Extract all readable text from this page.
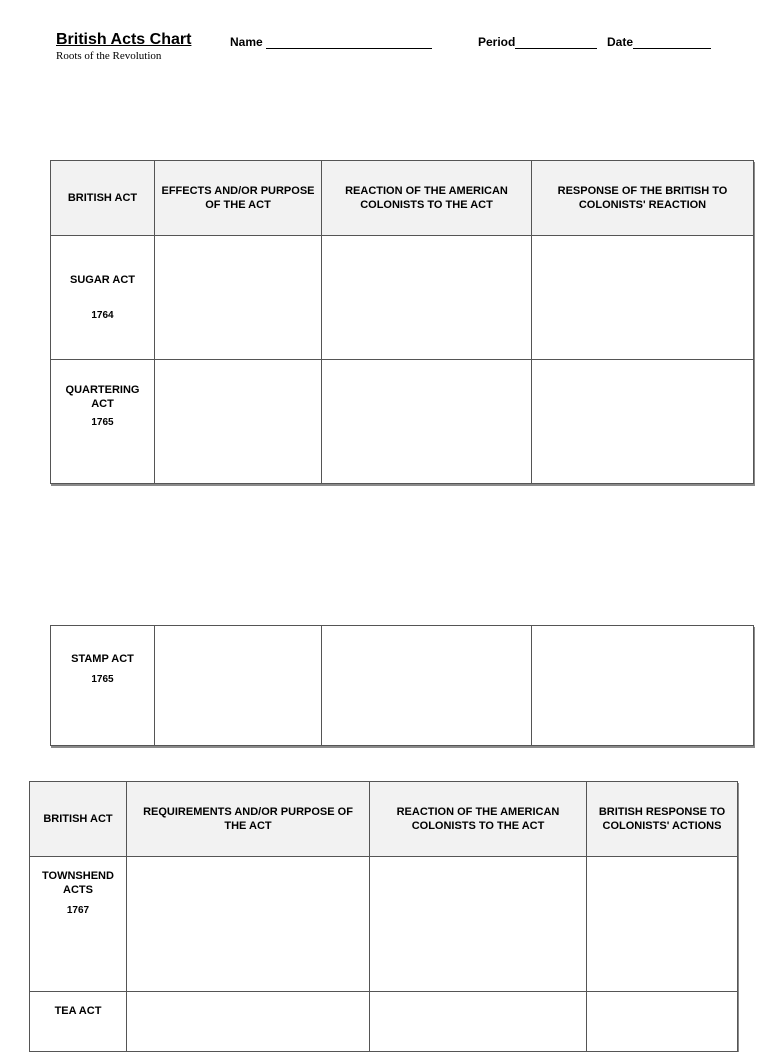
British Acts Chart
Roots of the Revolution
Name	Period	Date
BRITISH ACT	EFFECTS AND/OR PURPOSE OF THE ACT	REACTION OF THE AMERICAN COLONISTS TO THE ACT	RESPONSE OF THE BRITISH TO COLONISTS' REACTION

SUGAR ACT
1764			

QUARTERING ACT
1765			

STAMP ACT
1765

BRITISH ACT	REQUIREMENTS AND/OR PURPOSE OF THE ACT	REACTION OF THE AMERICAN COLONISTS TO THE ACT	BRITISH RESPONSE TO COLONISTS' ACTIONS

TOWNSHEND ACTS
1767			

TEA ACT			
